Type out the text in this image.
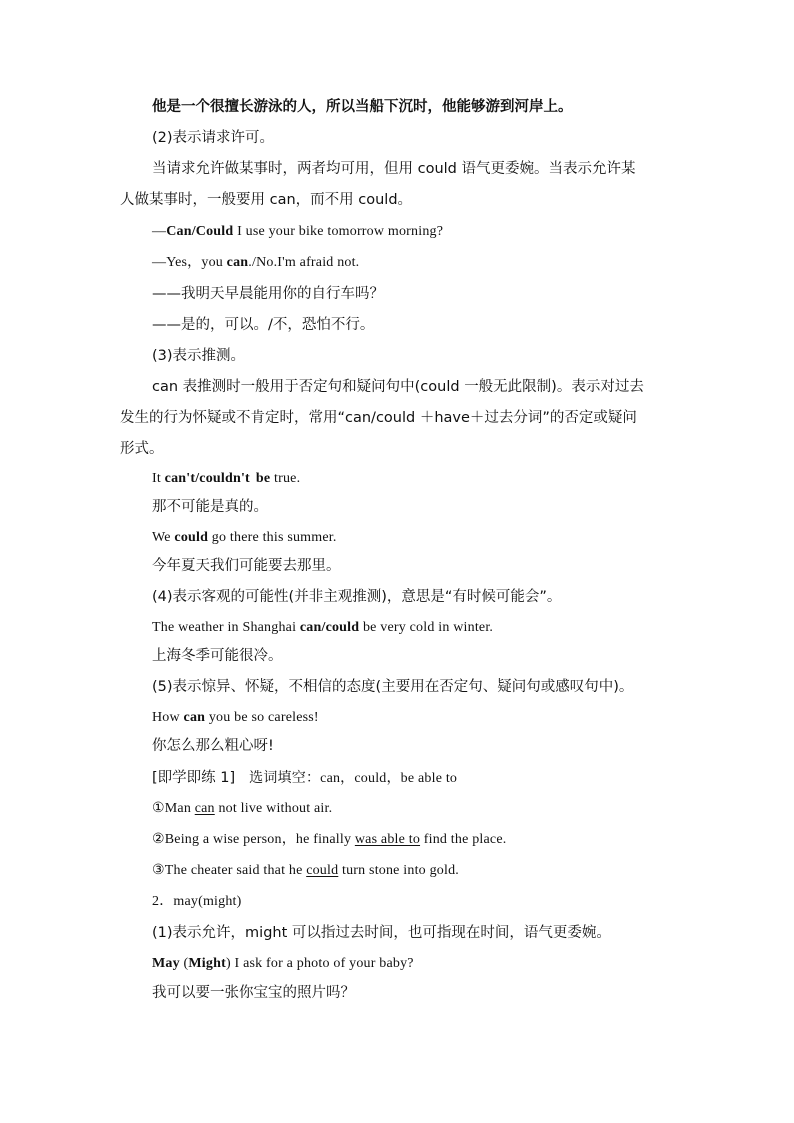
他是一个很擅长游泳的人，所以当船下沉时，他能够游到河岸上。
(2)表示请求许可。
当请求允许做某事时，两者均可用，但用 could 语气更委婉。当表示允许某
人做某事时，一般要用 can，而不用 could。
—Can/Could I use your bike tomorrow morning?
—Yes，you can./No.I'm afraid not.
——我明天早晨能用你的自行车吗？
——是的，可以。/不，恐怕不行。
(3)表示推测。
can 表推测时一般用于否定句和疑问句中(could 一般无此限制)。表示对过去
发生的行为怀疑或不肯定时，常用“can/could ＋have＋过去分词”的否定或疑问
形式。
It can't/couldn't be true.
那不可能是真的。
We could go there this summer.
今年夏天我们可能要去那里。
(4)表示客观的可能性(并非主观推测)，意思是“有时候可能会”。
The weather in Shanghai can/could be very cold in winter.
上海冬季可能很冷。
(5)表示惊异、怀疑，不相信的态度(主要用在否定句、疑问句或感叹句中)。
How can you be so careless!
你怎么那么粗心呀!
[即学即练 1] 选词填空：can，could，be able to
①Man can not live without air.
②Being a wise person，he finally was able to find the place.
③The cheater said that he could turn stone into gold.
2．may(might)
(1)表示允许，might 可以指过去时间，也可指现在时间，语气更委婉。
May (Might) I ask for a photo of your baby?
我可以要一张你宝宝的照片吗？
